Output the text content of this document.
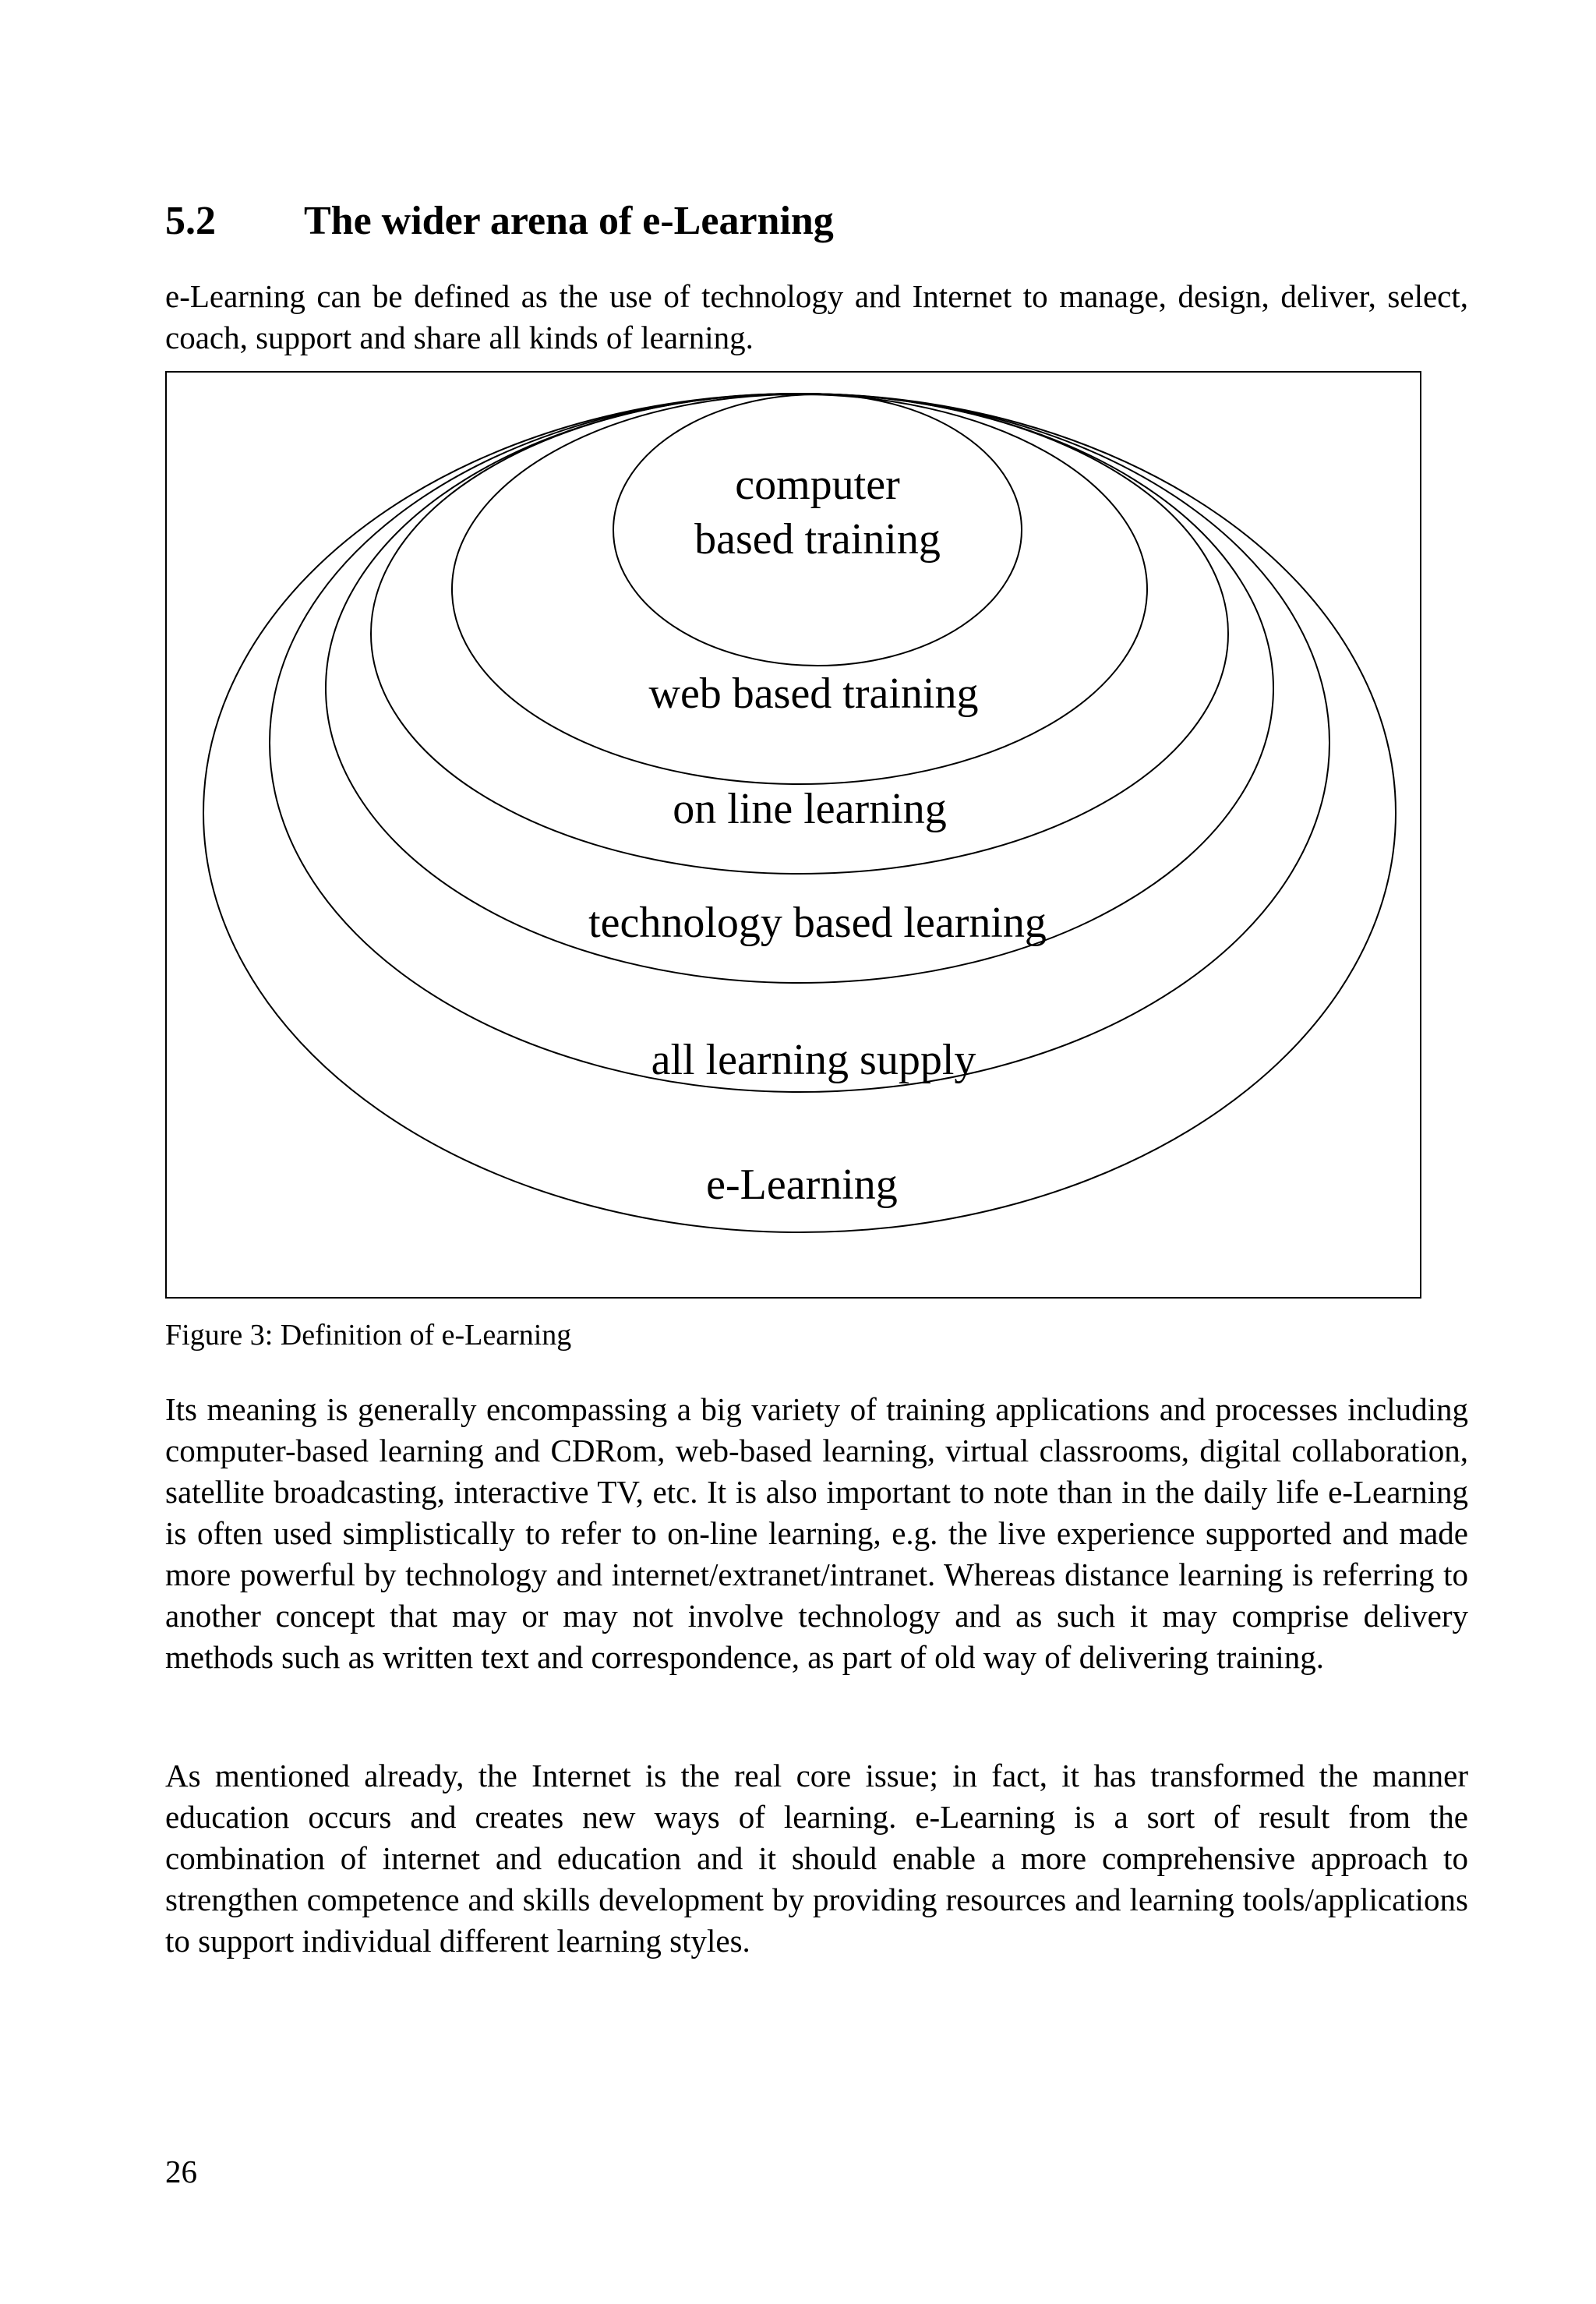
5.2 The wider arena of e-Learning

e-Learning can be defined as the use of technology and Internet to manage, design, deliver, select, coach, support and share all kinds of learning.

computer
based training
web based training
on line learning
technology based learning
all learning supply
e-Learning
Figure 3: Definition of e-Learning

Its meaning is generally encompassing a big variety of training applications and processes including computer-based learning and CDRom, web-based learning, virtual classrooms, digital collaboration, satellite broadcasting, interactive TV, etc. It is also important to note than in the daily life e-Learning is often used simplistically to refer to on-line learning, e.g. the live experience supported and made more powerful by technology and internet/extranet/intranet. Whereas distance learning is referring to another concept that may or may not involve technology and as such it may comprise delivery methods such as written text and correspondence, as part of old way of delivering training.

As mentioned already, the Internet is the real core issue; in fact, it has transformed the manner education occurs and creates new ways of learning. e-Learning is a sort of result from the combination of internet and education and it should enable a more comprehensive approach to strengthen competence and skills development by providing resources and learning tools/applications to support individual different learning styles.

26
